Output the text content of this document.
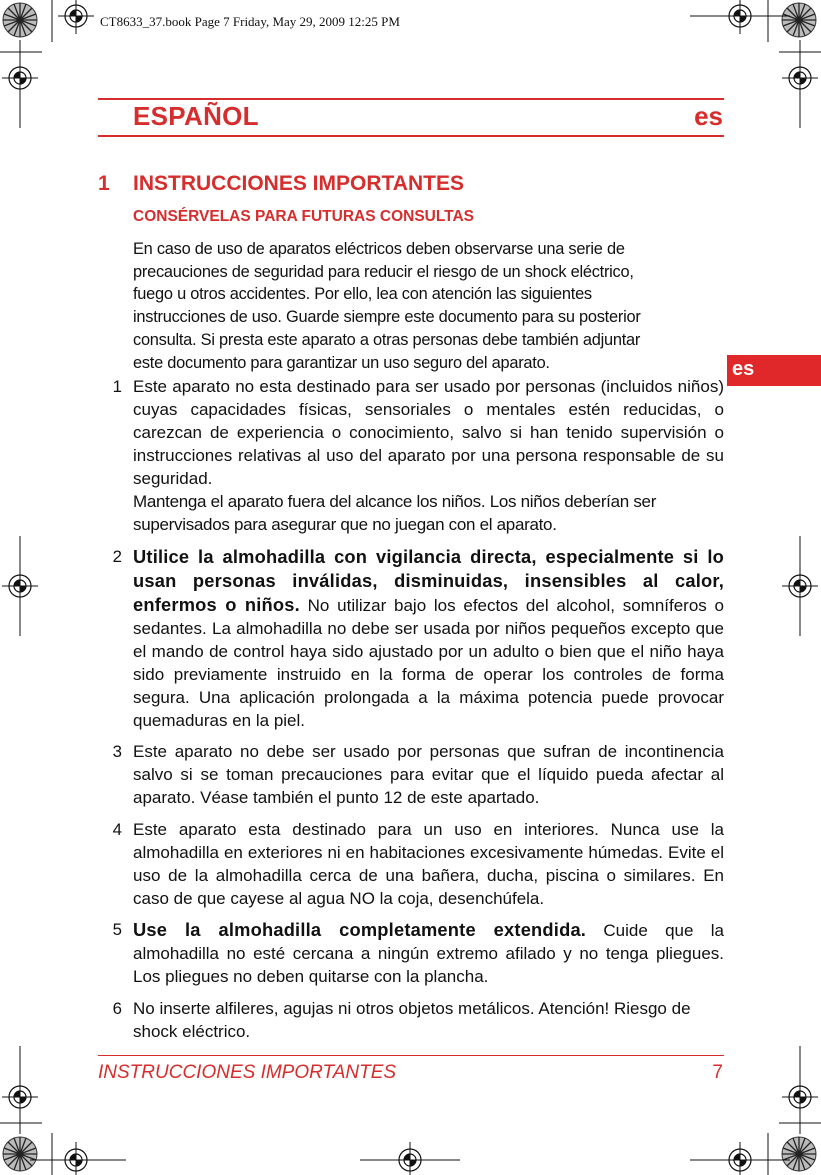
CT8633_37.book Page 7 Friday, May 29, 2009 12:25 PM
ESPAÑOL	es
es
1 INSTRUCCIONES IMPORTANTES
CONSÉRVELAS PARA FUTURAS CONSULTAS
En caso de uso de aparatos eléctricos deben observarse una serie de
precauciones de seguridad para reducir el riesgo de un shock eléctrico,
fuego u otros accidentes. Por ello, lea con atención las siguientes
instrucciones de uso. Guarde siempre este documento para su posterior
consulta. Si presta este aparato a otras personas debe también adjuntar
este documento para garantizar un uso seguro del aparato.
1 Este aparato no esta destinado para ser usado por personas (incluidos niños) cuyas capacidades físicas, sensoriales o mentales estén reducidas, o carezcan de experiencia o conocimiento, salvo si han tenido supervisión o instrucciones relativas al uso del aparato por una persona responsable de su seguridad.

Mantenga el aparato fuera del alcance los niños. Los niños deberían ser supervisados para asegurar que no juegan con el aparato.

2 Utilice la almohadilla con vigilancia directa, especialmente si lo usan personas inválidas, disminuidas, insensibles al calor, enfermos o niños. No utilizar bajo los efectos del alcohol, somníferos o sedantes. La almohadilla no debe ser usada por niños pequeños excepto que el mando de control haya sido ajustado por un adulto o bien que el niño haya sido previamente instruido en la forma de operar los controles de forma segura. Una aplicación prolongada a la máxima potencia puede provocar quemaduras en la piel.

3 Este aparato no debe ser usado por personas que sufran de incontinencia salvo si se toman precauciones para evitar que el líquido pueda afectar al aparato. Véase también el punto 12 de este apartado.

4 Este aparato esta destinado para un uso en interiores. Nunca use la almohadilla en exteriores ni en habitaciones excesivamente húmedas. Evite el uso de la almohadilla cerca de una bañera, ducha, piscina o similares. En caso de que cayese al agua NO la coja, desenchúfela.

5 Use la almohadilla completamente extendida. Cuide que la almohadilla no esté cercana a ningún extremo afilado y no tenga pliegues. Los pliegues no deben quitarse con la plancha.

6 No inserte alfileres, agujas ni otros objetos metálicos. Atención! Riesgo de shock eléctrico.

INSTRUCCIONES IMPORTANTES	7
